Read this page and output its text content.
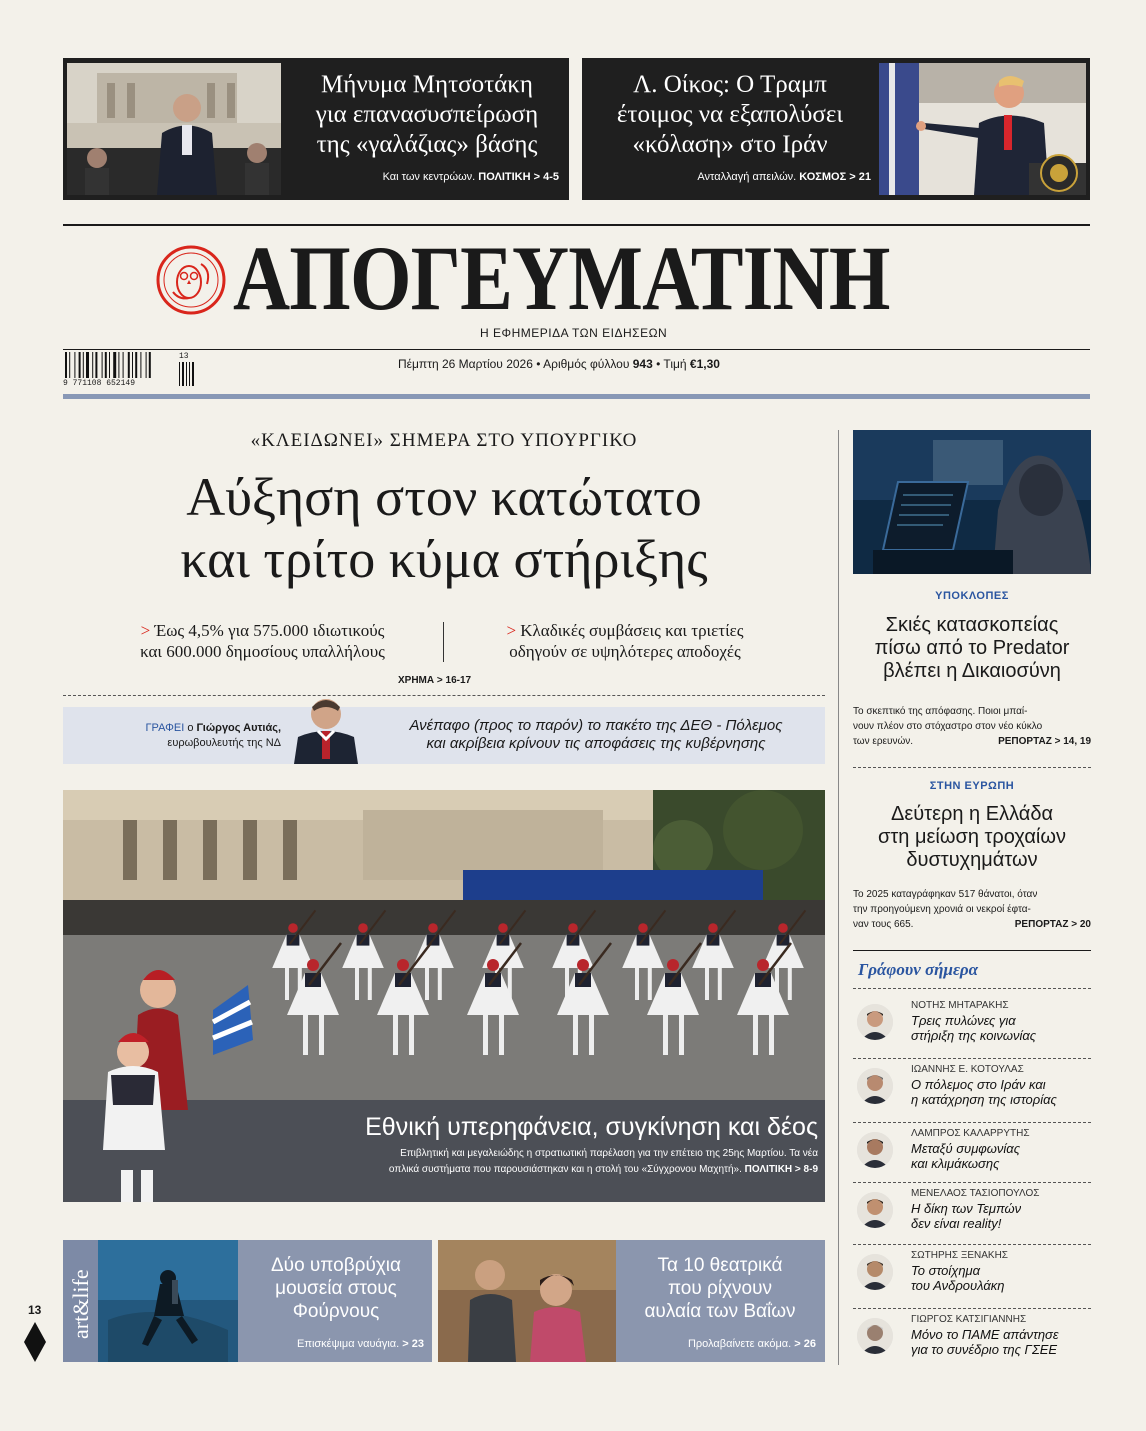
Μήνυμα Μητσοτάκη
για επανασυσπείρωση
της «γαλάζιας» βάσης
Και των κεντρώων. ΠΟΛΙΤΙΚΗ > 4-5
Λ. Οίκος: Ο Τραμπ
έτοιμος να εξαπολύσει
«κόλαση» στο Ιράν
Ανταλλαγή απειλών. ΚΟΣΜΟΣ > 21
ΑΠΟΓΕΥΜΑΤΙΝΗ
Η ΕΦΗΜΕΡΙΔΑ ΤΩΝ ΕΙΔΗΣΕΩΝ
9 771108 652149
13
Πέμπτη 26 Μαρτίου 2026 • Αριθμός φύλλου 943 • Τιμή €1,30
«ΚΛΕΙΔΩΝΕΙ» ΣΗΜΕΡΑ ΣΤΟ ΥΠΟΥΡΓΙΚΟ
Αύξηση στον κατώτατο
και τρίτο κύμα στήριξης
> Έως 4,5% για 575.000 ιδιωτικούς
και 600.000 δημοσίους υπαλλήλους
> Κλαδικές συμβάσεις και τριετίες
οδηγούν σε υψηλότερες αποδοχές
ΧΡΗΜΑ > 16-17
ΓΡΑΦΕΙ ο Γιώργος Αυτιάς,
ευρωβουλευτής της ΝΔ
Ανέπαφο (προς το παρόν) το πακέτο της ΔΕΘ - Πόλεμος
και ακρίβεια κρίνουν τις αποφάσεις της κυβέρνησης
Εθνική υπερηφάνεια, συγκίνηση και δέος
Επιβλητική και μεγαλειώδης η στρατιωτική παρέλαση για την επέτειο της 25ης Μαρτίου. Τα νέα
οπλικά συστήματα που παρουσιάστηκαν και η στολή του «Σύγχρονου Μαχητή». ΠΟΛΙΤΙΚΗ > 8-9
ΥΠΟΚΛΟΠΕΣ
Σκιές κατασκοπείας
πίσω από το Predator
βλέπει η Δικαιοσύνη
Το σκεπτικό της απόφασης. Ποιοι μπαί-
νουν πλέον στο στόχαστρο στον νέο κύκλο
των ερευνών.	ΡΕΠΟΡΤΑΖ > 14, 19
ΣΤΗΝ ΕΥΡΩΠΗ
Δεύτερη η Ελλάδα
στη μείωση τροχαίων
δυστυχημάτων
Το 2025 καταγράφηκαν 517 θάνατοι, όταν
την προηγούμενη χρονιά οι νεκροί έφτα-
ναν τους 665.	ΡΕΠΟΡΤΑΖ > 20
Γράφουν σήμερα
ΝΟΤΗΣ ΜΗΤΑΡΑΚΗΣ
Τρεις πυλώνες για
στήριξη της κοινωνίας
ΙΩΑΝΝΗΣ Ε. ΚΟΤΟΥΛΑΣ
Ο πόλεμος στο Ιράν και
η κατάχρηση της ιστορίας
ΛΑΜΠΡΟΣ ΚΑΛΑΡΡΥΤΗΣ
Μεταξύ συμφωνίας
και κλιμάκωσης
ΜΕΝΕΛΑΟΣ ΤΑΣΙΟΠΟΥΛΟΣ
Η δίκη των Τεμπών
δεν είναι reality!
ΣΩΤΗΡΗΣ ΞΕΝΑΚΗΣ
Το στοίχημα
του Ανδρουλάκη
ΓΙΩΡΓΟΣ ΚΑΤΣΙΓΙΑΝΝΗΣ
Μόνο το ΠΑΜΕ απάντησε
για το συνέδριο της ΓΣΕΕ
art&life
Δύο υποβρύχια
μουσεία στους
Φούρνους
Επισκέψιμα ναυάγια. > 23
Τα 10 θεατρικά
που ρίχνουν
αυλαία των Βαΐων
Προλαβαίνετε ακόμα. > 26
13
